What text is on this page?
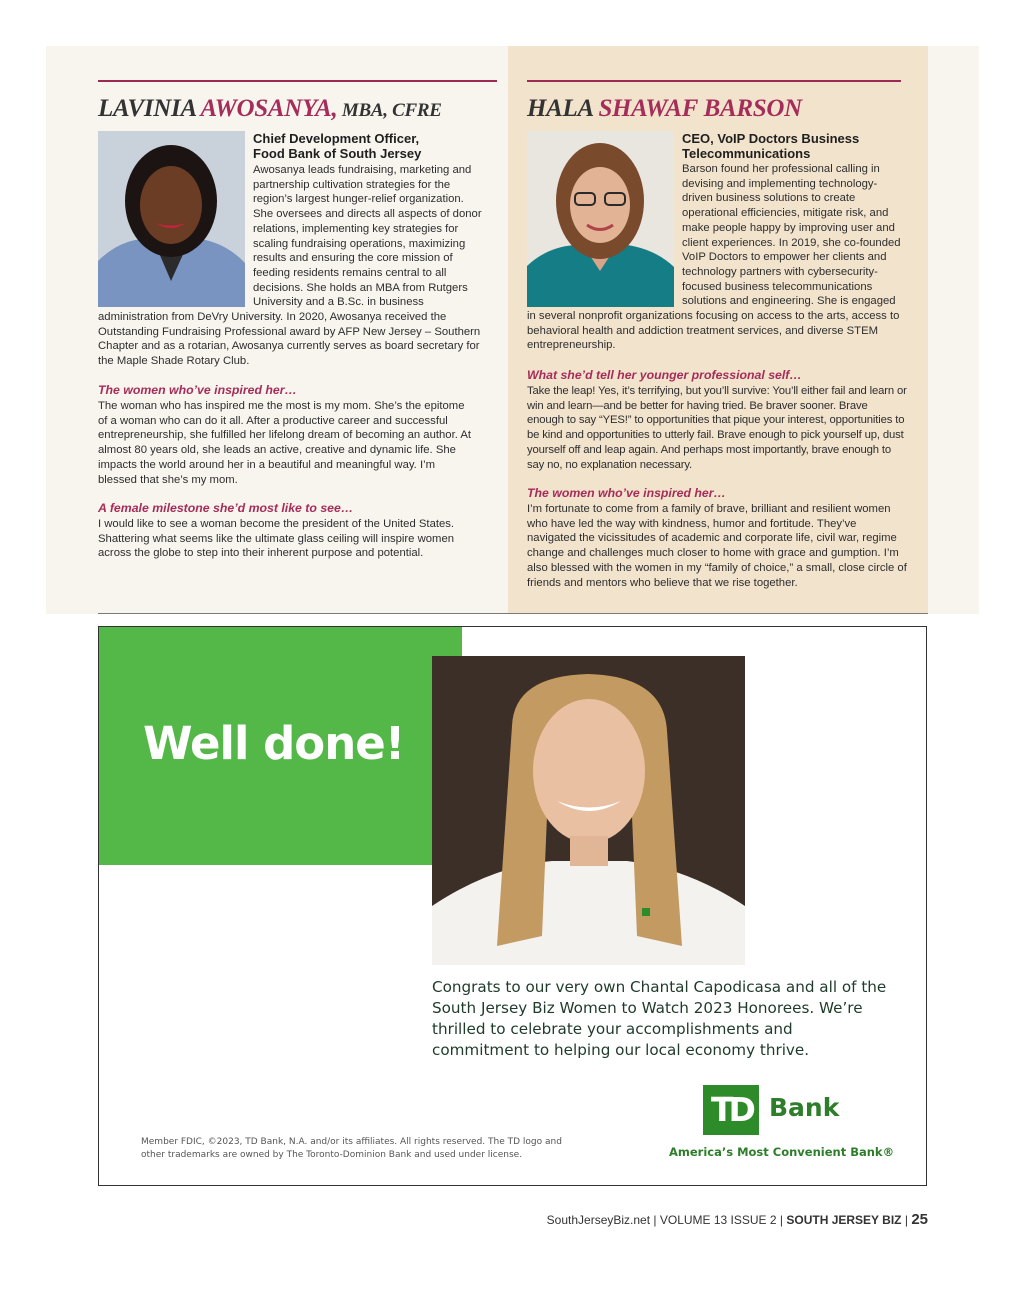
LAVINIA AWOSANYA, MBA, CFRE
Chief Development Officer, Food Bank of South Jersey
Awosanya leads fundraising, marketing and partnership cultivation strategies for the region’s largest hunger-relief organization. She oversees and directs all aspects of donor relations, implementing key strategies for scaling fundraising operations, maximizing results and ensuring the core mission of feeding residents remains central to all decisions. She holds an MBA from Rutgers University and a B.Sc. in business administration from DeVry University. In 2020, Awosanya received the Outstanding Fundraising Professional award by AFP New Jersey – Southern Chapter and as a rotarian, Awosanya currently serves as board secretary for the Maple Shade Rotary Club.
The women who’ve inspired her…
The woman who has inspired me the most is my mom. She’s the epitome of a woman who can do it all. After a productive career and successful entrepreneurship, she fulfilled her lifelong dream of becoming an author. At almost 80 years old, she leads an active, creative and dynamic life. She impacts the world around her in a beautiful and meaningful way. I’m blessed that she’s my mom.
A female milestone she’d most like to see…
I would like to see a woman become the president of the United States. Shattering what seems like the ultimate glass ceiling will inspire women across the globe to step into their inherent purpose and potential.
HALA SHAWAF BARSON
CEO, VoIP Doctors Business Telecommunications
Barson found her professional calling in devising and implementing technology-driven business solutions to create operational efficiencies, mitigate risk, and make people happy by improving user and client experiences. In 2019, she co-founded VoIP Doctors to empower her clients and technology partners with cybersecurity-focused business telecommunications solutions and engineering. She is engaged in several nonprofit organizations focusing on access to the arts, access to behavioral health and addiction treatment services, and diverse STEM entrepreneurship.
What she’d tell her younger professional self…
Take the leap! Yes, it’s terrifying, but you’ll survive: You’ll either fail and learn or win and learn—and be better for having tried. Be braver sooner. Brave enough to say “YES!” to opportunities that pique your interest, opportunities to be kind and opportunities to utterly fail. Brave enough to pick yourself up, dust yourself off and leap again. And perhaps most importantly, brave enough to say no, no explanation necessary.
The women who’ve inspired her…
I’m fortunate to come from a family of brave, brilliant and resilient women who have led the way with kindness, humor and fortitude. They’ve navigated the vicissitudes of academic and corporate life, civil war, regime change and challenges much closer to home with grace and gumption. I’m also blessed with the women in my “family of choice,” a small, close circle of friends and mentors who believe that we rise together.
Well done!
Congrats to our very own Chantal Capodicasa and all of the South Jersey Biz Women to Watch 2023 Honorees. We’re thrilled to celebrate your accomplishments and commitment to helping our local economy thrive.
TD Bank
America’s Most Convenient Bank®
Member FDIC, ©2023, TD Bank, N.A. and/or its affiliates. All rights reserved. The TD logo and other trademarks are owned by The Toronto-Dominion Bank and used under license.
SouthJerseyBiz.net | VOLUME 13 ISSUE 2 | SOUTH JERSEY BIZ | 25
